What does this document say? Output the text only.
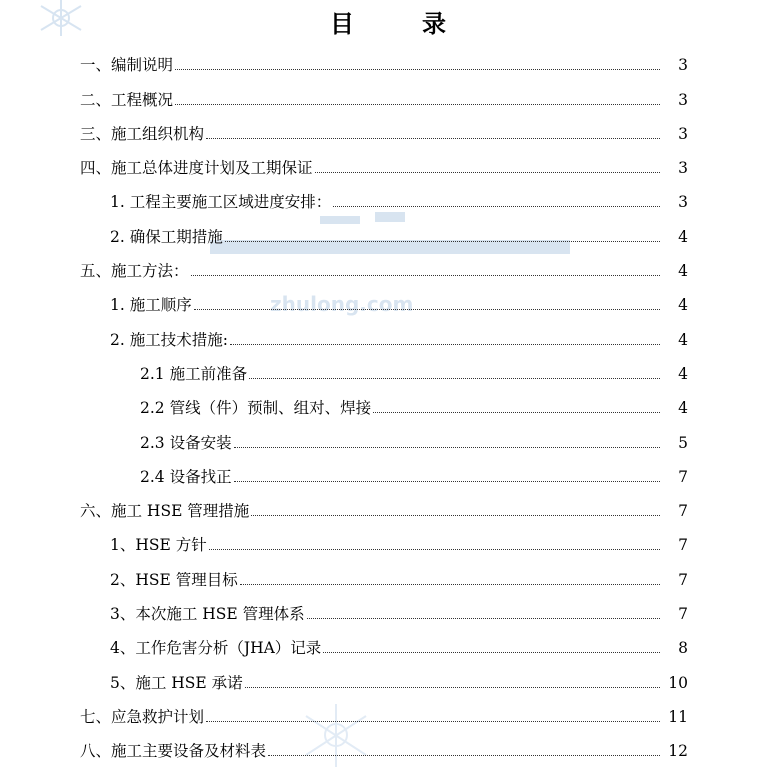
zhulong.com
目　录
一、编制说明	3
二、工程概况	3
三、施工组织机构	3
四、施工总体进度计划及工期保证	3
1. 工程主要施工区域进度安排：	3
2. 确保工期措施	4
五、施工方法：	4
1. 施工顺序	4
2. 施工技术措施:	4
2.1 施工前准备	4
2.2 管线（件）预制、组对、焊接	4
2.3 设备安装	5
2.4 设备找正	7
六、施工 HSE 管理措施	7
1、HSE 方针	7
2、HSE 管理目标	7
3、本次施工 HSE 管理体系	7
4、工作危害分析（JHA）记录	8
5、施工 HSE 承诺	10
七、应急救护计划	11
八、施工主要设备及材料表	12
